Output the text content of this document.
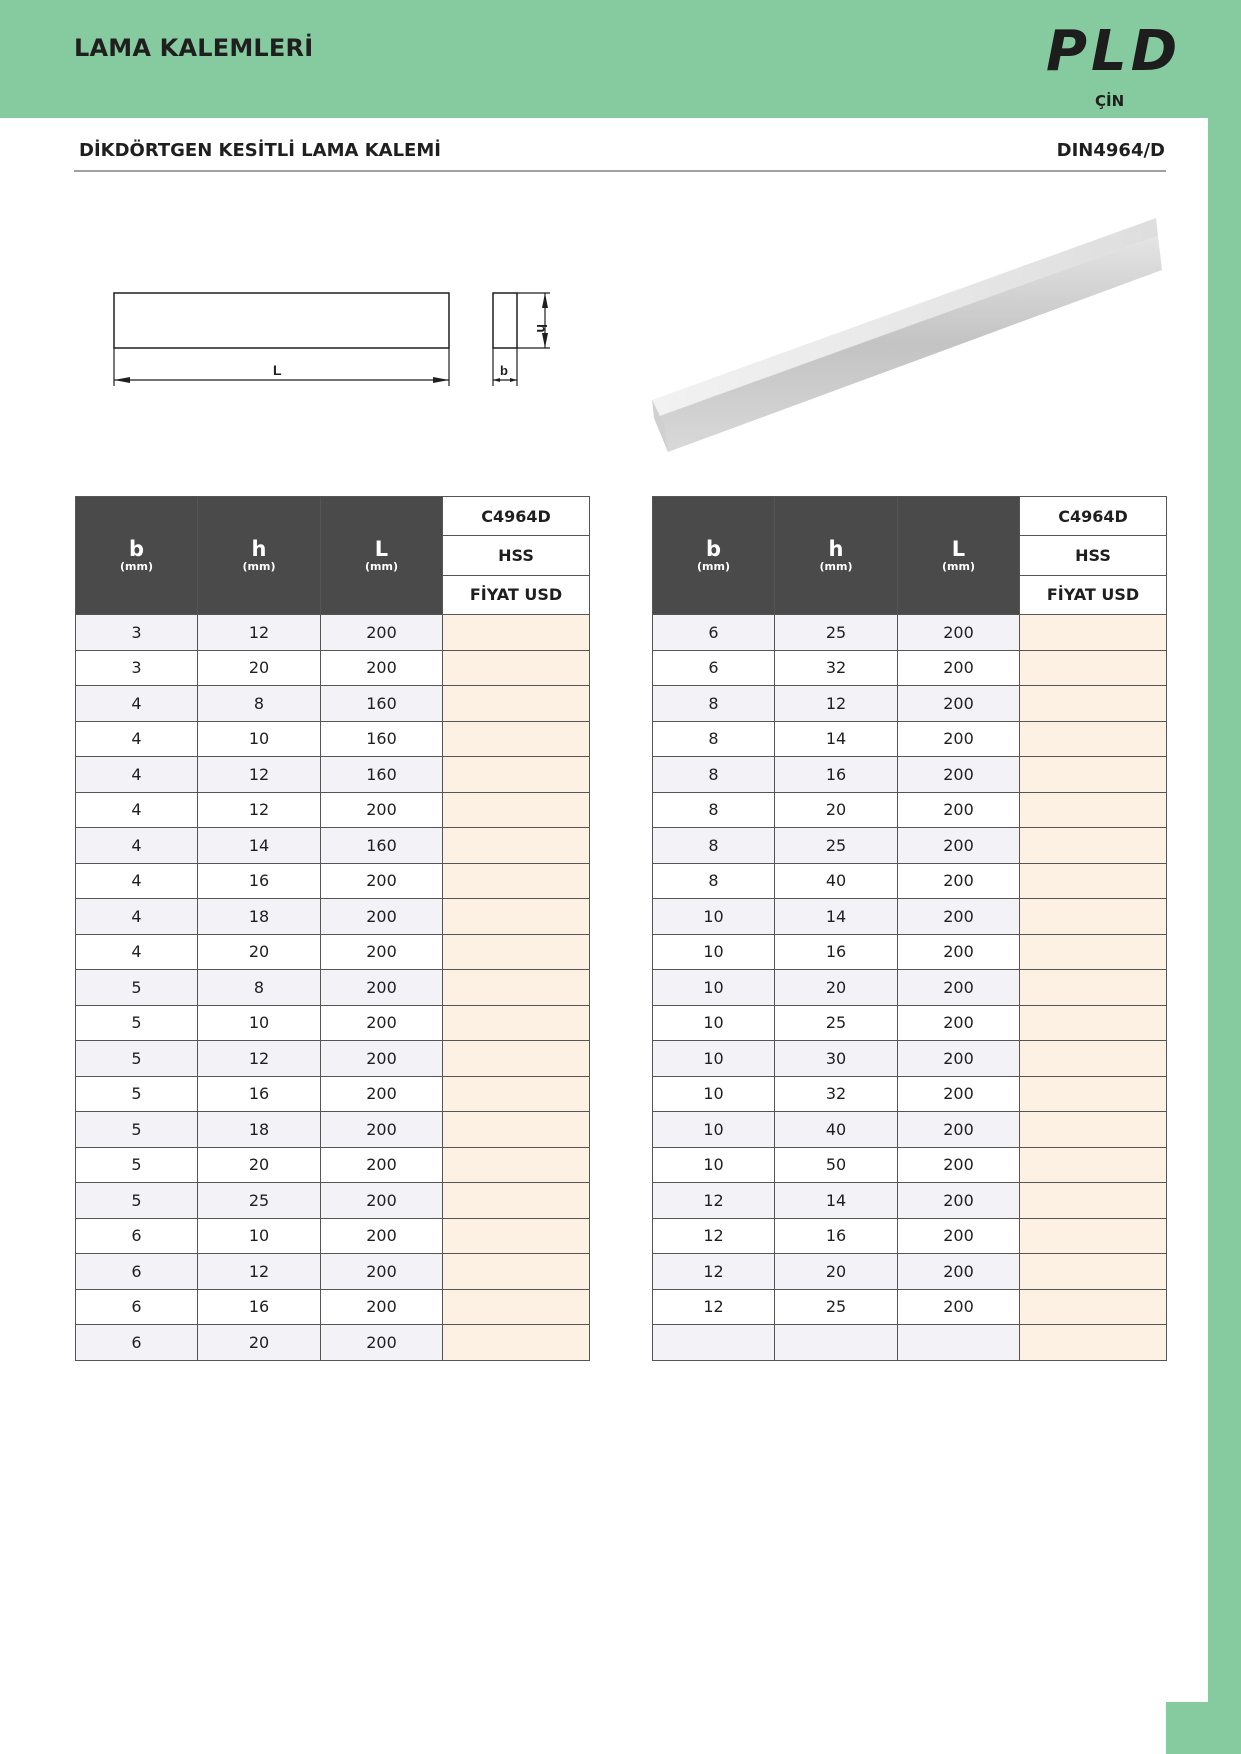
LAMA KALEMLERİ	PLD
ÇİN
DİKDÖRTGEN KESİTLİ LAMA KALEMİ	DIN4964/D
L
h
b
b
(mm)	h
(mm)	L
(mm)	C4964D
			HSS
			FİYAT USD
3	12	200	
3	20	200	
4	8	160	
4	10	160	
4	12	160	
4	12	200	
4	14	160	
4	16	200	
4	18	200	
4	20	200	
5	8	200	
5	10	200	
5	12	200	
5	16	200	
5	18	200	
5	20	200	
5	25	200	
6	10	200	
6	12	200	
6	16	200	
6	20	200	
b
(mm)	h
(mm)	L
(mm)	C4964D
			HSS
			FİYAT USD
6	25	200	
6	32	200	
8	12	200	
8	14	200	
8	16	200	
8	20	200	
8	25	200	
8	40	200	
10	14	200	
10	16	200	
10	20	200	
10	25	200	
10	30	200	
10	32	200	
10	40	200	
10	50	200	
12	14	200	
12	16	200	
12	20	200	
12	25	200	
